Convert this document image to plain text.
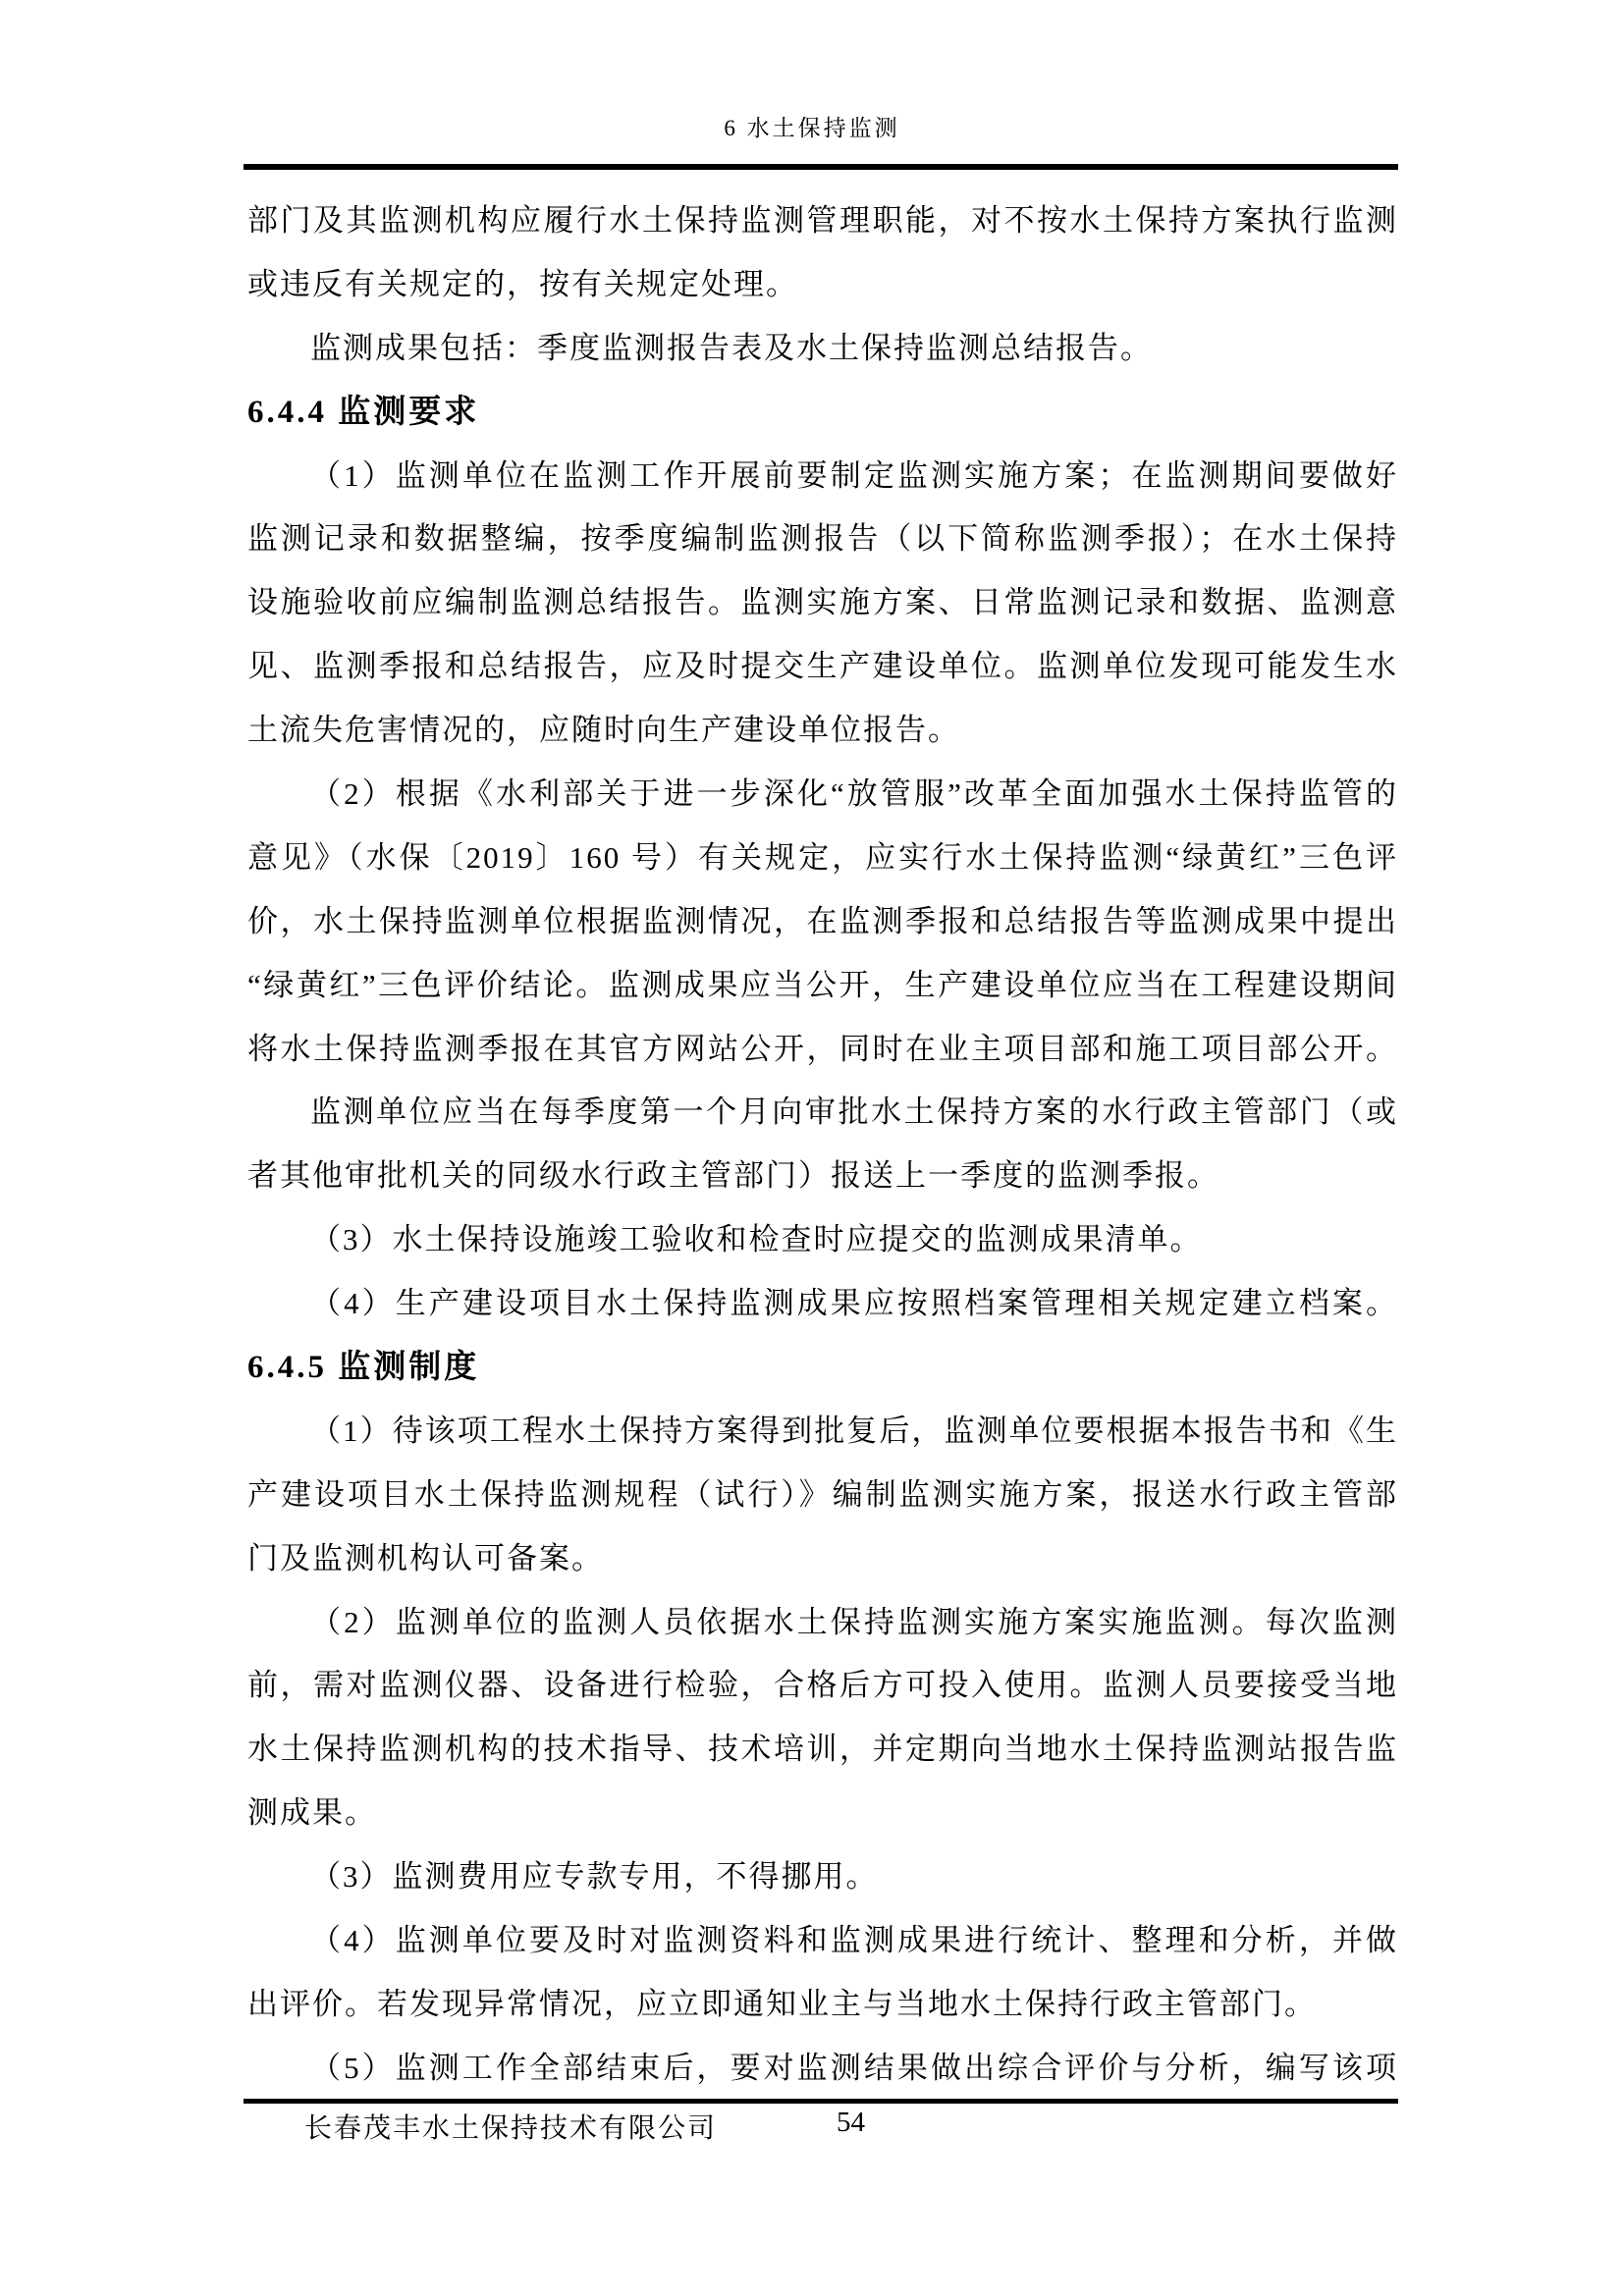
6 水土保持监测
部门及其监测机构应履行水土保持监测管理职能，对不按水土保持方案执行监测
或违反有关规定的，按有关规定处理。
监测成果包括：季度监测报告表及水土保持监测总结报告。
6.4.4 监测要求
（1）监测单位在监测工作开展前要制定监测实施方案；在监测期间要做好
监测记录和数据整编，按季度编制监测报告（以下简称监测季报）；在水土保持
设施验收前应编制监测总结报告。监测实施方案、日常监测记录和数据、监测意
见、监测季报和总结报告，应及时提交生产建设单位。监测单位发现可能发生水
土流失危害情况的，应随时向生产建设单位报告。
（2）根据《水利部关于进一步深化“放管服”改革全面加强水土保持监管的
意见》（水保〔2019〕160 号）有关规定，应实行水土保持监测“绿黄红”三色评
价，水土保持监测单位根据监测情况，在监测季报和总结报告等监测成果中提出
“绿黄红”三色评价结论。监测成果应当公开，生产建设单位应当在工程建设期间
将水土保持监测季报在其官方网站公开，同时在业主项目部和施工项目部公开。
监测单位应当在每季度第一个月向审批水土保持方案的水行政主管部门（或
者其他审批机关的同级水行政主管部门）报送上一季度的监测季报。
（3）水土保持设施竣工验收和检查时应提交的监测成果清单。
（4）生产建设项目水土保持监测成果应按照档案管理相关规定建立档案。
6.4.5 监测制度
（1）待该项工程水土保持方案得到批复后，监测单位要根据本报告书和《生
产建设项目水土保持监测规程（试行）》编制监测实施方案，报送水行政主管部
门及监测机构认可备案。
（2）监测单位的监测人员依据水土保持监测实施方案实施监测。每次监测
前，需对监测仪器、设备进行检验，合格后方可投入使用。监测人员要接受当地
水土保持监测机构的技术指导、技术培训，并定期向当地水土保持监测站报告监
测成果。
（3）监测费用应专款专用，不得挪用。
（4）监测单位要及时对监测资料和监测成果进行统计、整理和分析，并做
出评价。若发现异常情况，应立即通知业主与当地水土保持行政主管部门。
（5）监测工作全部结束后，要对监测结果做出综合评价与分析，编写该项
长春茂丰水土保持技术有限公司	54
